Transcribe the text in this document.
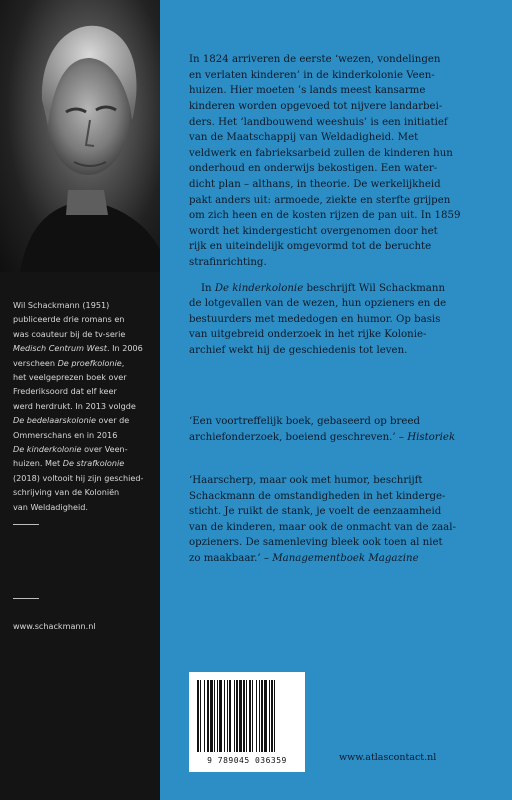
Wil Schackmann (1951)
publiceerde drie romans en
was coauteur bij de tv-serie
Medisch Centrum West. In 2006
verscheen De proefkolonie,
het veelgeprezen boek over
Frederiksoord dat elf keer
werd herdrukt. In 2013 volgde
De bedelaarskolonie over de
Ommerschans en in 2016
De kinderkolonie over Veen-
huizen. Met De strafkolonie
(2018) voltooit hij zijn geschied-
schrijving van de Koloniën
van Weldadigheid.
www.schackmann.nl

In 1824 arriveren de eerste ‘wezen, vondelingen
en verlaten kinderen’ in de kinderkolonie Veen-
huizen. Hier moeten ’s lands meest kansarme
kinderen worden opgevoed tot nijvere landarbei-
ders. Het ‘landbouwend weeshuis’ is een initiatief
van de Maatschappij van Weldadigheid. Met
veldwerk en fabrieksarbeid zullen de kinderen hun
onderhoud en onderwijs bekostigen. Een water-
dicht plan – althans, in theorie. De werkelijkheid
pakt anders uit: armoede, ziekte en sterfte grijpen
om zich heen en de kosten rijzen de pan uit. In 1859
wordt het kindergesticht overgenomen door het
rijk en uiteindelijk omgevormd tot de beruchte
strafinrichting.

In De kinderkolonie beschrijft Wil Schackmann
de lotgevallen van de wezen, hun opzieners en de
bestuurders met mededogen en humor. Op basis
van uitgebreid onderzoek in het rijke Kolonie-
archief wekt hij de geschiedenis tot leven.

‘Een voortreffelijk boek, gebaseerd op breed
archiefonderzoek, boeiend geschreven.’ – Historiek
‘Haarscherp, maar ook met humor, beschrijft
Schackmann de omstandigheden in het kinderge-
sticht. Je ruikt de stank, je voelt de eenzaamheid
van de kinderen, maar ook de onmacht van de zaal-
opzieners. De samenleving bleek ook toen al niet
zo maakbaar.’ – Managementboek Magazine
9 789045 036359	www.atlascontact.nl
